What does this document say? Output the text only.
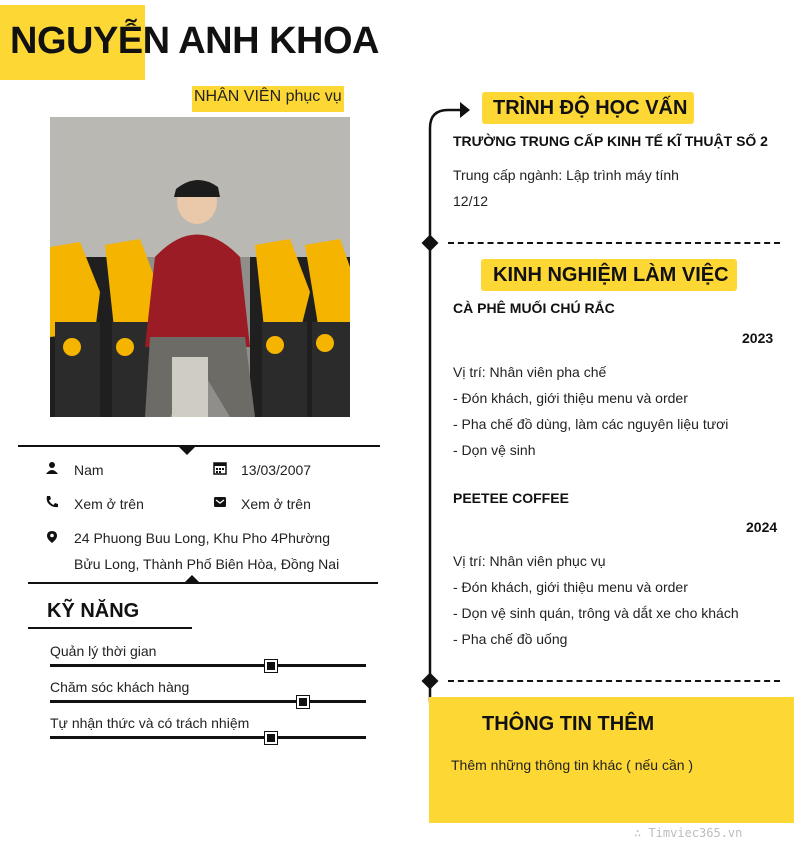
NGUYỄN ANH KHOA
NHÂN VIÊN phục vụ
Nam	13/03/2007
Xem ở trên	Xem ở trên
24 Phuong Buu Long, Khu Pho 4Phường
Bửu Long, Thành Phố Biên Hòa, Đồng Nai
KỸ NĂNG
Quản lý thời gian
Chăm sóc khách hàng
Tự nhận thức và có trách nhiệm
TRÌNH ĐỘ HỌC VẤN
TRƯỜNG TRUNG CẤP KINH TẾ KĨ THUẬT SỐ 2
Trung cấp ngành: Lập trình máy tính
12/12
KINH NGHIỆM LÀM VIỆC
CÀ PHÊ MUỐI CHÚ RẮC
2023
Vị trí: Nhân viên pha chế
- Đón khách, giới thiệu menu và order
- Pha chế đồ dùng, làm các nguyên liệu tươi
- Dọn vệ sinh
PEETEE COFFEE
2024
Vị trí: Nhân viên phục vụ
- Đón khách, giới thiệu menu và order
- Dọn vệ sinh quán, trông và dắt xe cho khách
- Pha chế đồ uống
THÔNG TIN THÊM
Thêm những thông tin khác ( nếu cần )
∴ Timviec365.vn
